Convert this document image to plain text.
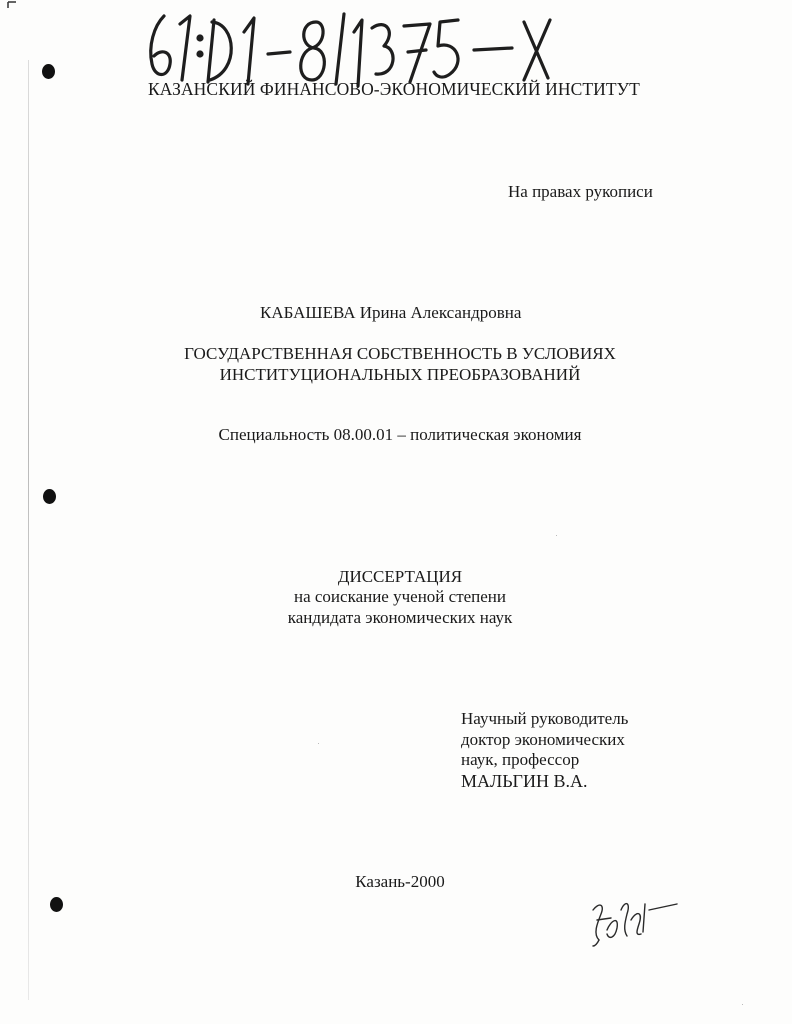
КАЗАНСКИЙ ФИНАНСОВО-ЭКОНОМИЧЕСКИЙ ИНСТИТУТ
На правах рукописи
КАБАШЕВА Ирина Александровна
ГОСУДАРСТВЕННАЯ СОБСТВЕННОСТЬ В УСЛОВИЯХ
ИНСТИТУЦИОНАЛЬНЫХ ПРЕОБРАЗОВАНИЙ
Специальность 08.00.01 – политическая экономия
ДИССЕРТАЦИЯ
на соискание ученой степени
кандидата экономических наук
Научный руководитель
доктор экономических
наук, профессор
МАЛЬГИН В.А.
Казань-2000
